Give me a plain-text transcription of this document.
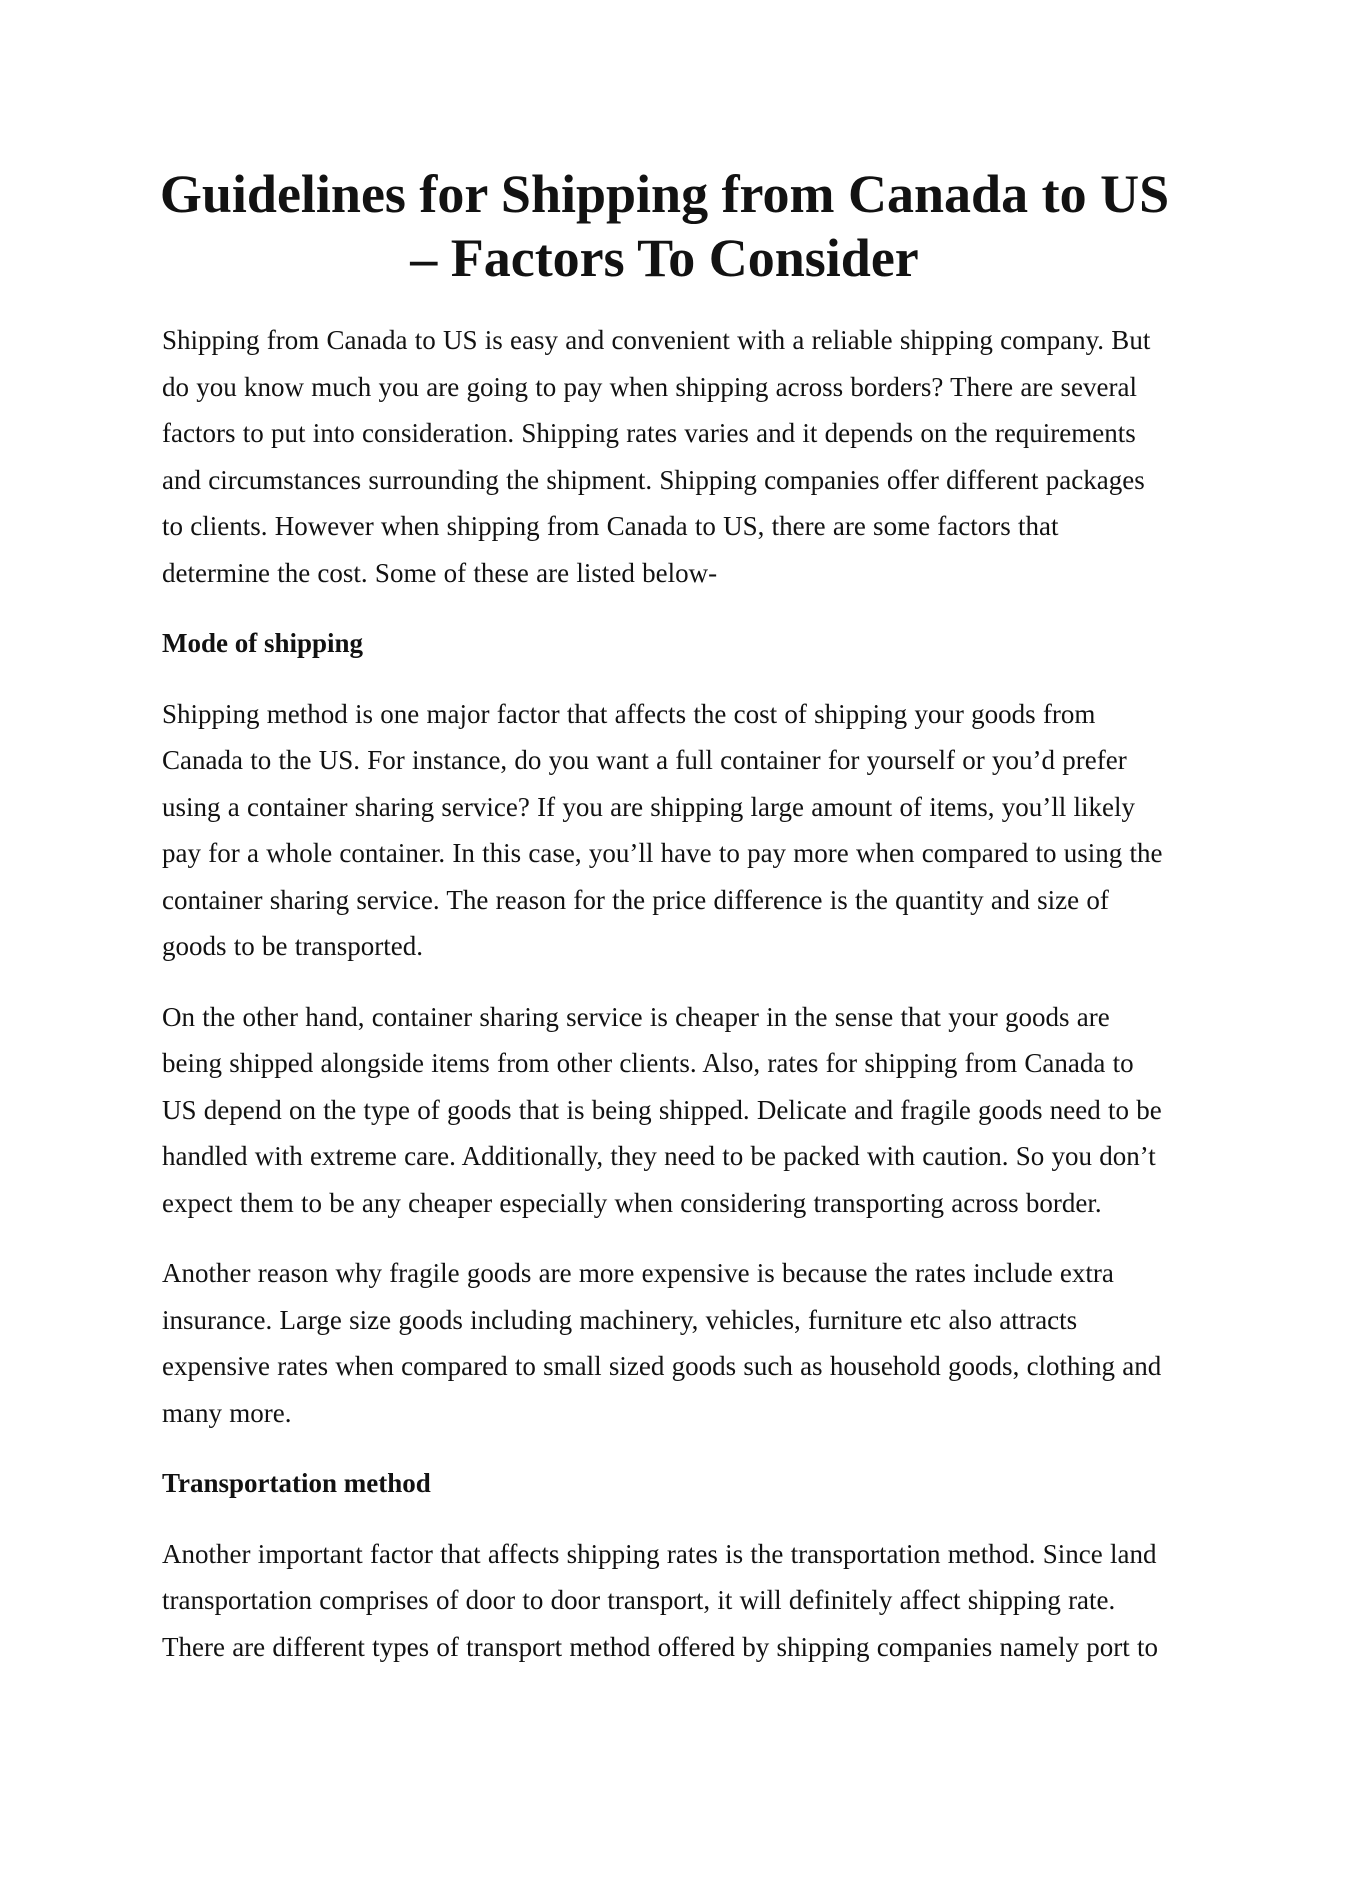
Guidelines for Shipping from Canada to US
– Factors To Consider

Shipping from Canada to US is easy and convenient with a reliable shipping company. But do you know much you are going to pay when shipping across borders? There are several factors to put into consideration. Shipping rates varies and it depends on the requirements and circumstances surrounding the shipment. Shipping companies offer different packages to clients. However when shipping from Canada to US, there are some factors that determine the cost. Some of these are listed below-

Mode of shipping

Shipping method is one major factor that affects the cost of shipping your goods from Canada to the US. For instance, do you want a full container for yourself or you’d prefer using a container sharing service? If you are shipping large amount of items, you’ll likely pay for a whole container. In this case, you’ll have to pay more when compared to using the container sharing service. The reason for the price difference is the quantity and size of goods to be transported.

On the other hand, container sharing service is cheaper in the sense that your goods are being shipped alongside items from other clients. Also, rates for shipping from Canada to US depend on the type of goods that is being shipped. Delicate and fragile goods need to be handled with extreme care. Additionally, they need to be packed with caution. So you don’t expect them to be any cheaper especially when considering transporting across border.

Another reason why fragile goods are more expensive is because the rates include extra insurance. Large size goods including machinery, vehicles, furniture etc also attracts expensive rates when compared to small sized goods such as household goods, clothing and many more.

Transportation method

Another important factor that affects shipping rates is the transportation method. Since land transportation comprises of door to door transport, it will definitely affect shipping rate. There are different types of transport method offered by shipping companies namely port to
